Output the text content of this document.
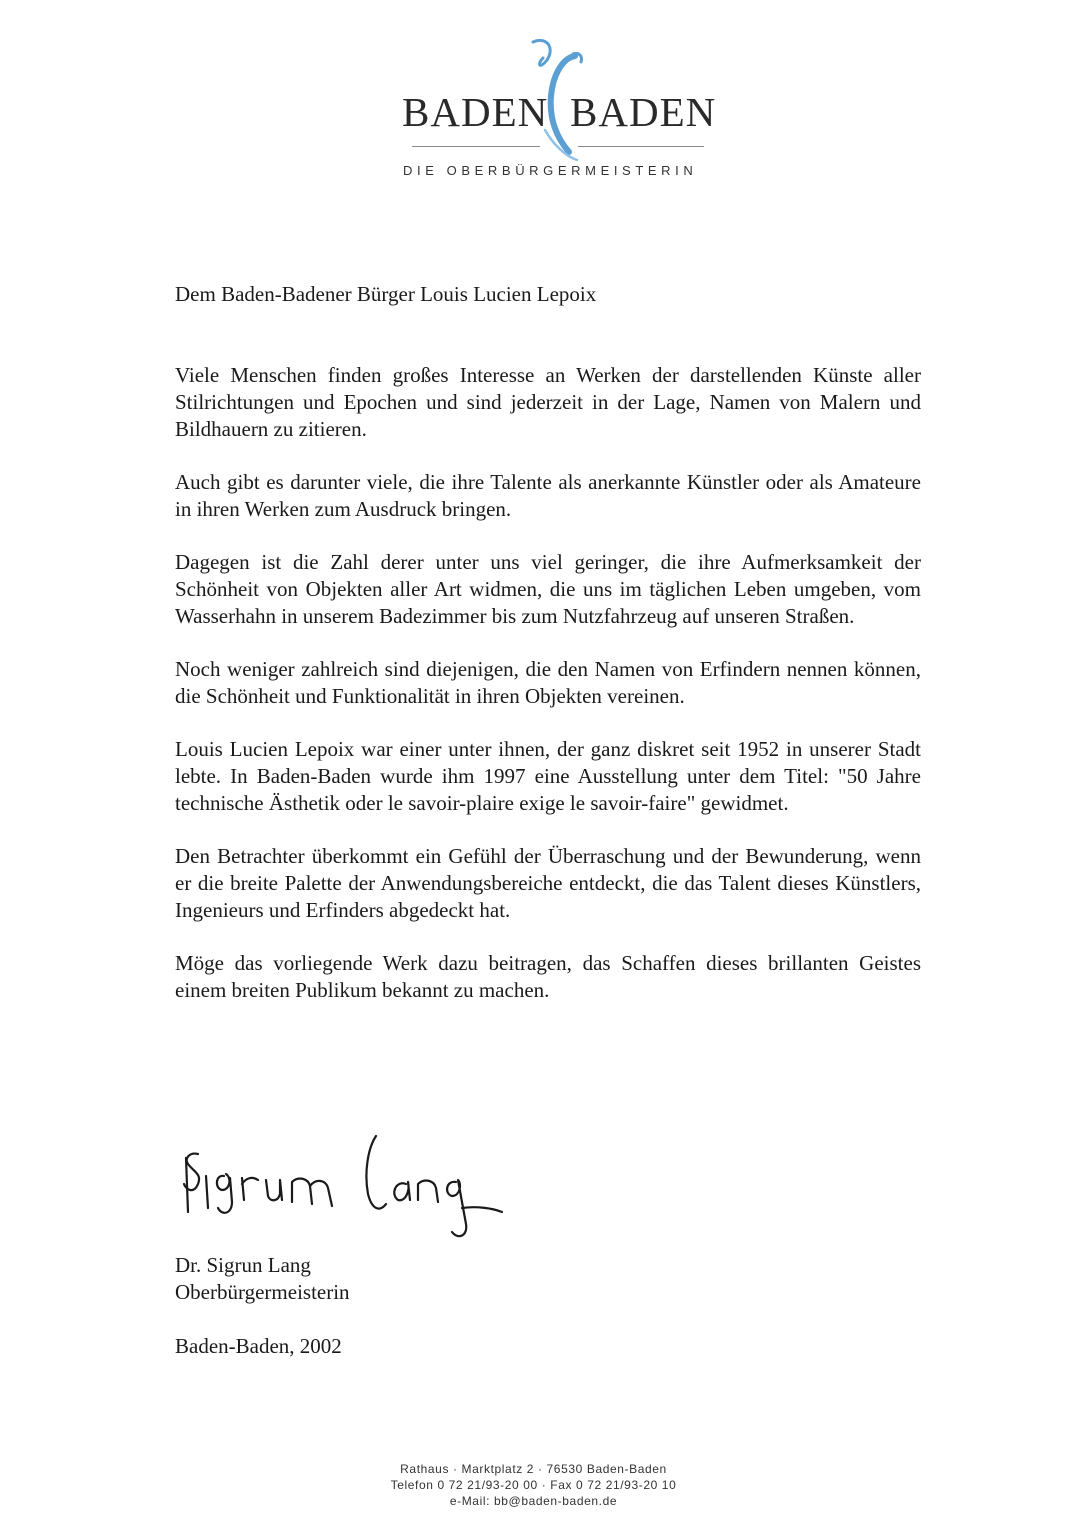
BADEN BADEN
DIE OBERBÜRGERMEISTERIN
Dem Baden-Badener Bürger Louis Lucien Lepoix

Viele Menschen finden großes Interesse an Werken der darstellenden Künste aller Stilrichtungen und Epochen und sind jederzeit in der Lage, Namen von Malern und Bildhauern zu zitieren.

Auch gibt es darunter viele, die ihre Talente als anerkannte Künstler oder als Amateure in ihren Werken zum Ausdruck bringen.

Dagegen ist die Zahl derer unter uns viel geringer, die ihre Aufmerksamkeit der Schönheit von Objekten aller Art widmen, die uns im täglichen Leben umgeben, vom Wasserhahn in unserem Badezimmer bis zum Nutzfahrzeug auf unseren Straßen.

Noch weniger zahlreich sind diejenigen, die den Namen von Erfindern nennen können, die Schönheit und Funktionalität in ihren Objekten vereinen.

Louis Lucien Lepoix war einer unter ihnen, der ganz diskret seit 1952 in unserer Stadt lebte. In Baden-Baden wurde ihm 1997 eine Ausstellung unter dem Titel: "50 Jahre technische Ästhetik oder le savoir-plaire exige le savoir-faire" gewidmet.

Den Betrachter überkommt ein Gefühl der Überraschung und der Bewunderung, wenn er die breite Palette der Anwendungsbereiche entdeckt, die das Talent dieses Künstlers, Ingenieurs und Erfinders abgedeckt hat.

Möge das vorliegende Werk dazu beitragen, das Schaffen dieses brillanten Geistes einem breiten Publikum bekannt zu machen.

Dr. Sigrun Lang
Oberbürgermeisterin
Baden-Baden, 2002
Rathaus · Marktplatz 2 · 76530 Baden-Baden
Telefon 0 72 21/93-20 00 · Fax 0 72 21/93-20 10
e-Mail: bb@baden-baden.de
